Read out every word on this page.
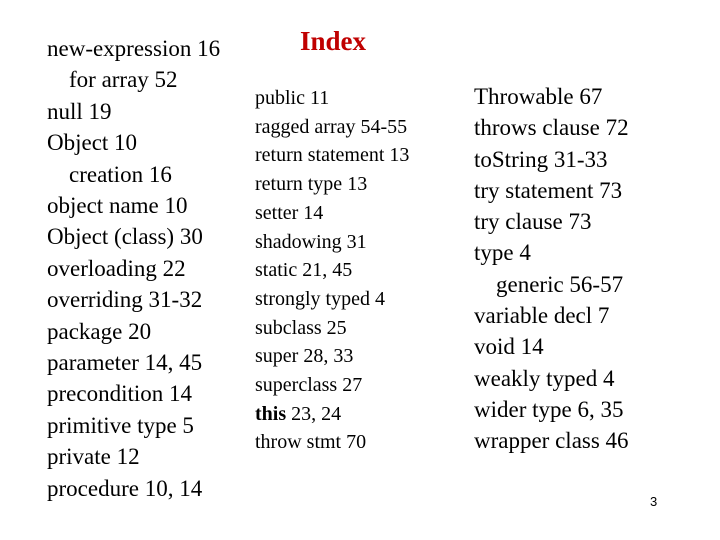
Index
new-expression 16
for array 52
null 19
Object 10
creation 16
object name 10
Object (class) 30
overloading 22
overriding 31-32
package 20
parameter 14, 45
precondition 14
primitive type 5
private 12
procedure 10, 14
public 11
ragged array 54-55
return statement 13
return type 13
setter 14
shadowing 31
static 21, 45
strongly typed 4
subclass 25
super 28, 33
superclass 27
this 23, 24
throw stmt 70
Throwable 67
throws clause 72
toString 31-33
try statement 73
try clause 73
type 4
generic 56-57
variable decl 7
void 14
weakly typed 4
wider type 6, 35
wrapper class 46
3
